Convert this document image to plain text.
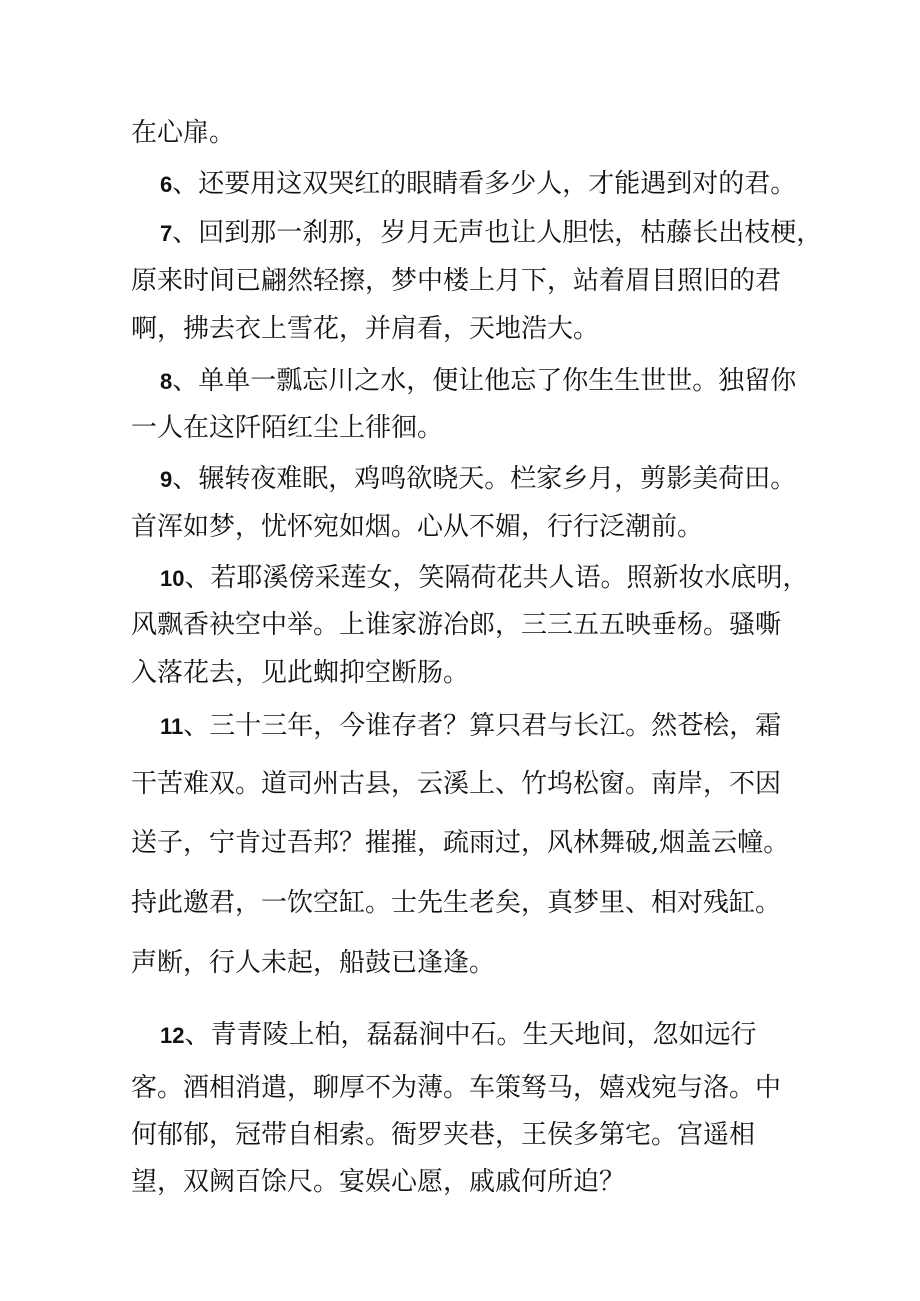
在心扉。
6、还要用这双哭红的眼睛看多少人，才能遇到对的君。
7、回到那一刹那，岁月无声也让人胆怯，枯藤长出枝梗，
原来时间已翩然轻擦，梦中楼上月下，站着眉目照旧的君
啊，拂去衣上雪花，并肩看，天地浩大。
8、单单一瓢忘川之水，便让他忘了你生生世世。独留你
一人在这阡陌红尘上徘徊。
9、辗转夜难眠，鸡鸣欲晓天。栏家乡月，剪影美荷田。
首浑如梦，忧怀宛如烟。心从不媚，行行泛潮前。
10、若耶溪傍采莲女，笑隔荷花共人语。照新妆水底明，
风飘香袂空中举。上谁家游冶郎，三三五五映垂杨。骚嘶
入落花去，见此蜘抑空断肠。
11、三十三年，今谁存者？算只君与长江。然苍桧，霜
干苦难双。道司州古县，云溪上、竹坞松窗。南岸，不因
送子，宁肯过吾邦？摧摧，疏雨过，风林舞破,烟盖云幢。
持此邀君，一饮空缸。士先生老矣，真梦里、相对残缸。
声断，行人未起，船鼓已逢逢。
12、青青陵上柏，磊磊涧中石。生天地间，忽如远行
客。酒相消遣，聊厚不为薄。车策驽马，嬉戏宛与洛。中
何郁郁，冠带自相索。衙罗夹巷，王侯多第宅。宫遥相
望，双阙百馀尺。宴娱心愿，戚戚何所迫？
